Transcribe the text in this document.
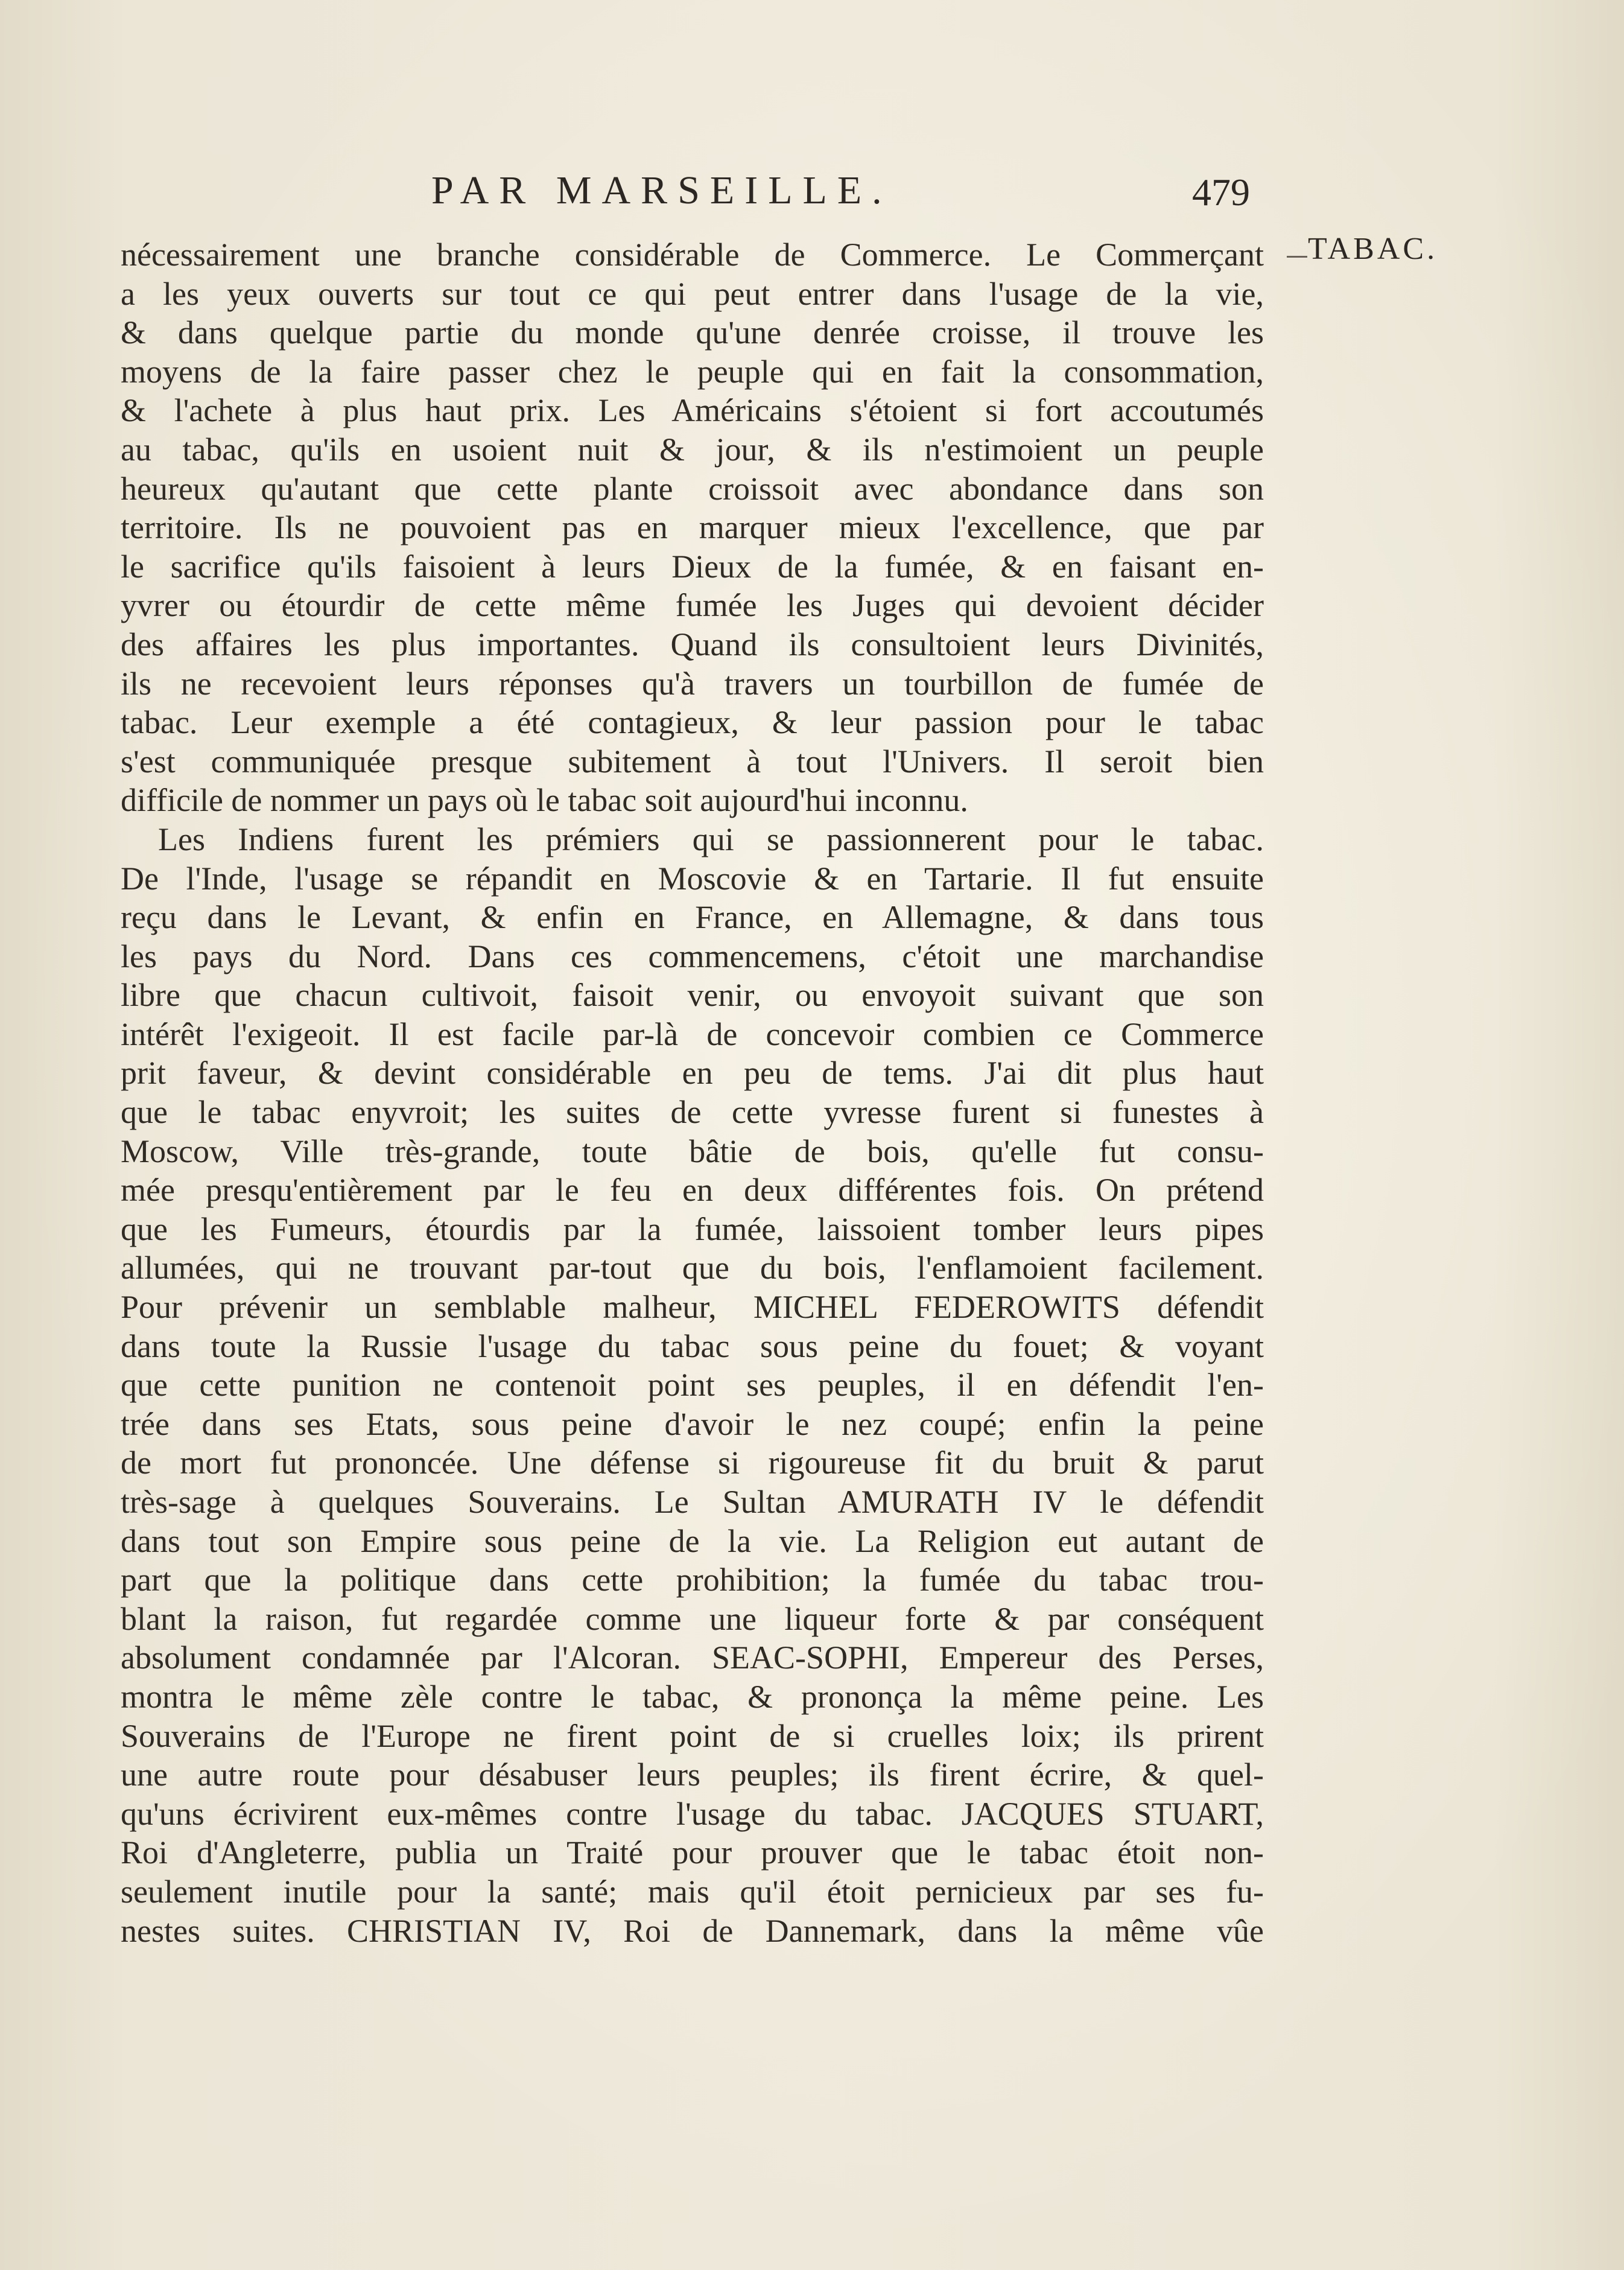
PAR MARSEILLE.	479
TABAC.
nécessairement une branche considérable de Commerce. Le Commerçant
a les yeux ouverts sur tout ce qui peut entrer dans l'usage de la vie,
& dans quelque partie du monde qu'une denrée croisse, il trouve les
moyens de la faire passer chez le peuple qui en fait la consommation,
& l'achete à plus haut prix. Les Américains s'étoient si fort accoutumés
au tabac, qu'ils en usoient nuit & jour, & ils n'estimoient un peuple
heureux qu'autant que cette plante croissoit avec abondance dans son
territoire. Ils ne pouvoient pas en marquer mieux l'excellence, que par
le sacrifice qu'ils faisoient à leurs Dieux de la fumée, & en faisant en-
yvrer ou étourdir de cette même fumée les Juges qui devoient décider
des affaires les plus importantes. Quand ils consultoient leurs Divinités,
ils ne recevoient leurs réponses qu'à travers un tourbillon de fumée de
tabac. Leur exemple a été contagieux, & leur passion pour le tabac
s'est communiquée presque subitement à tout l'Univers. Il seroit bien
difficile de nommer un pays où le tabac soit aujourd'hui inconnu.
Les Indiens furent les prémiers qui se passionnerent pour le tabac.
De l'Inde, l'usage se répandit en Moscovie & en Tartarie. Il fut ensuite
reçu dans le Levant, & enfin en France, en Allemagne, & dans tous
les pays du Nord. Dans ces commencemens, c'étoit une marchandise
libre que chacun cultivoit, faisoit venir, ou envoyoit suivant que son
intérêt l'exigeoit. Il est facile par-là de concevoir combien ce Commerce
prit faveur, & devint considérable en peu de tems. J'ai dit plus haut
que le tabac enyvroit; les suites de cette yvresse furent si funestes à
Moscow, Ville très-grande, toute bâtie de bois, qu'elle fut consu-
mée presqu'entièrement par le feu en deux différentes fois. On prétend
que les Fumeurs, étourdis par la fumée, laissoient tomber leurs pipes
allumées, qui ne trouvant par-tout que du bois, l'enflamoient facilement.
Pour prévenir un semblable malheur, MICHEL FEDEROWITS défendit
dans toute la Russie l'usage du tabac sous peine du fouet; & voyant
que cette punition ne contenoit point ses peuples, il en défendit l'en-
trée dans ses Etats, sous peine d'avoir le nez coupé; enfin la peine
de mort fut prononcée. Une défense si rigoureuse fit du bruit & parut
très-sage à quelques Souverains. Le Sultan AMURATH IV le défendit
dans tout son Empire sous peine de la vie. La Religion eut autant de
part que la politique dans cette prohibition; la fumée du tabac trou-
blant la raison, fut regardée comme une liqueur forte & par conséquent
absolument condamnée par l'Alcoran. SEAC-SOPHI, Empereur des Perses,
montra le même zèle contre le tabac, & prononça la même peine. Les
Souverains de l'Europe ne firent point de si cruelles loix; ils prirent
une autre route pour désabuser leurs peuples; ils firent écrire, & quel-
qu'uns écrivirent eux-mêmes contre l'usage du tabac. JACQUES STUART,
Roi d'Angleterre, publia un Traité pour prouver que le tabac étoit non-
seulement inutile pour la santé; mais qu'il étoit pernicieux par ses fu-
nestes suites. CHRISTIAN IV, Roi de Dannemark, dans la même vûe
